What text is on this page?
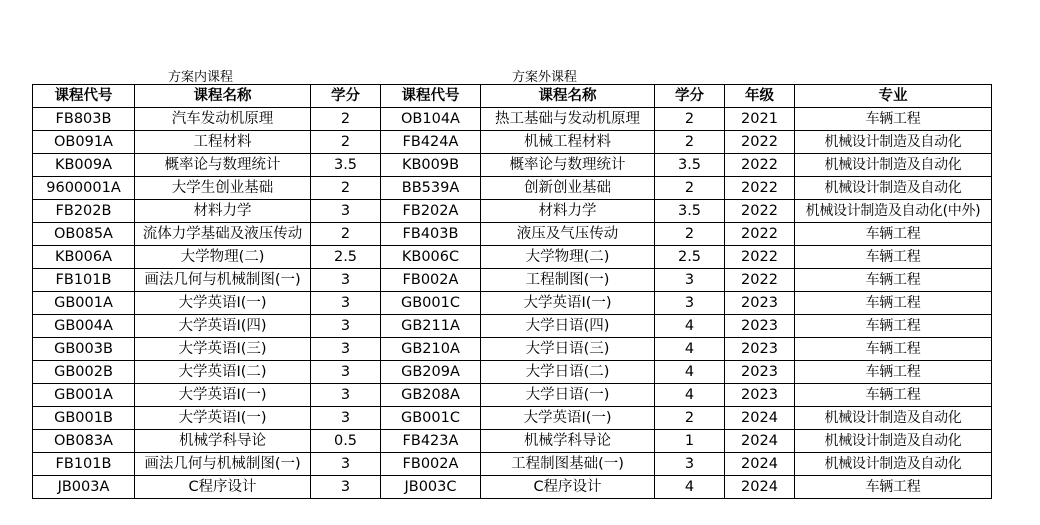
方案内课程	方案外课程
课程代号	课程名称	学分	课程代号	课程名称	学分	年级	专业
FB803B	汽车发动机原理	2	OB104A	热工基础与发动机原理	2	2021	车辆工程
OB091A	工程材料	2	FB424A	机械工程材料	2	2022	机械设计制造及自动化
KB009A	概率论与数理统计	3.5	KB009B	概率论与数理统计	3.5	2022	机械设计制造及自动化
9600001A	大学生创业基础	2	BB539A	创新创业基础	2	2022	机械设计制造及自动化
FB202B	材料力学	3	FB202A	材料力学	3.5	2022	机械设计制造及自动化(中外)
OB085A	流体力学基础及液压传动	2	FB403B	液压及气压传动	2	2022	车辆工程
KB006A	大学物理(二)	2.5	KB006C	大学物理(二)	2.5	2022	车辆工程
FB101B	画法几何与机械制图(一)	3	FB002A	工程制图(一)	3	2022	车辆工程
GB001A	大学英语Ⅰ(一)	3	GB001C	大学英语Ⅰ(一)	3	2023	车辆工程
GB004A	大学英语Ⅰ(四)	3	GB211A	大学日语(四)	4	2023	车辆工程
GB003B	大学英语Ⅰ(三)	3	GB210A	大学日语(三)	4	2023	车辆工程
GB002B	大学英语Ⅰ(二)	3	GB209A	大学日语(二)	4	2023	车辆工程
GB001A	大学英语Ⅰ(一)	3	GB208A	大学日语(一)	4	2023	车辆工程
GB001B	大学英语Ⅰ(一)	3	GB001C	大学英语Ⅰ(一)	2	2024	机械设计制造及自动化
OB083A	机械学科导论	0.5	FB423A	机械学科导论	1	2024	机械设计制造及自动化
FB101B	画法几何与机械制图(一)	3	FB002A	工程制图基础(一)	3	2024	机械设计制造及自动化
JB003A	C程序设计	3	JB003C	C程序设计	4	2024	车辆工程
